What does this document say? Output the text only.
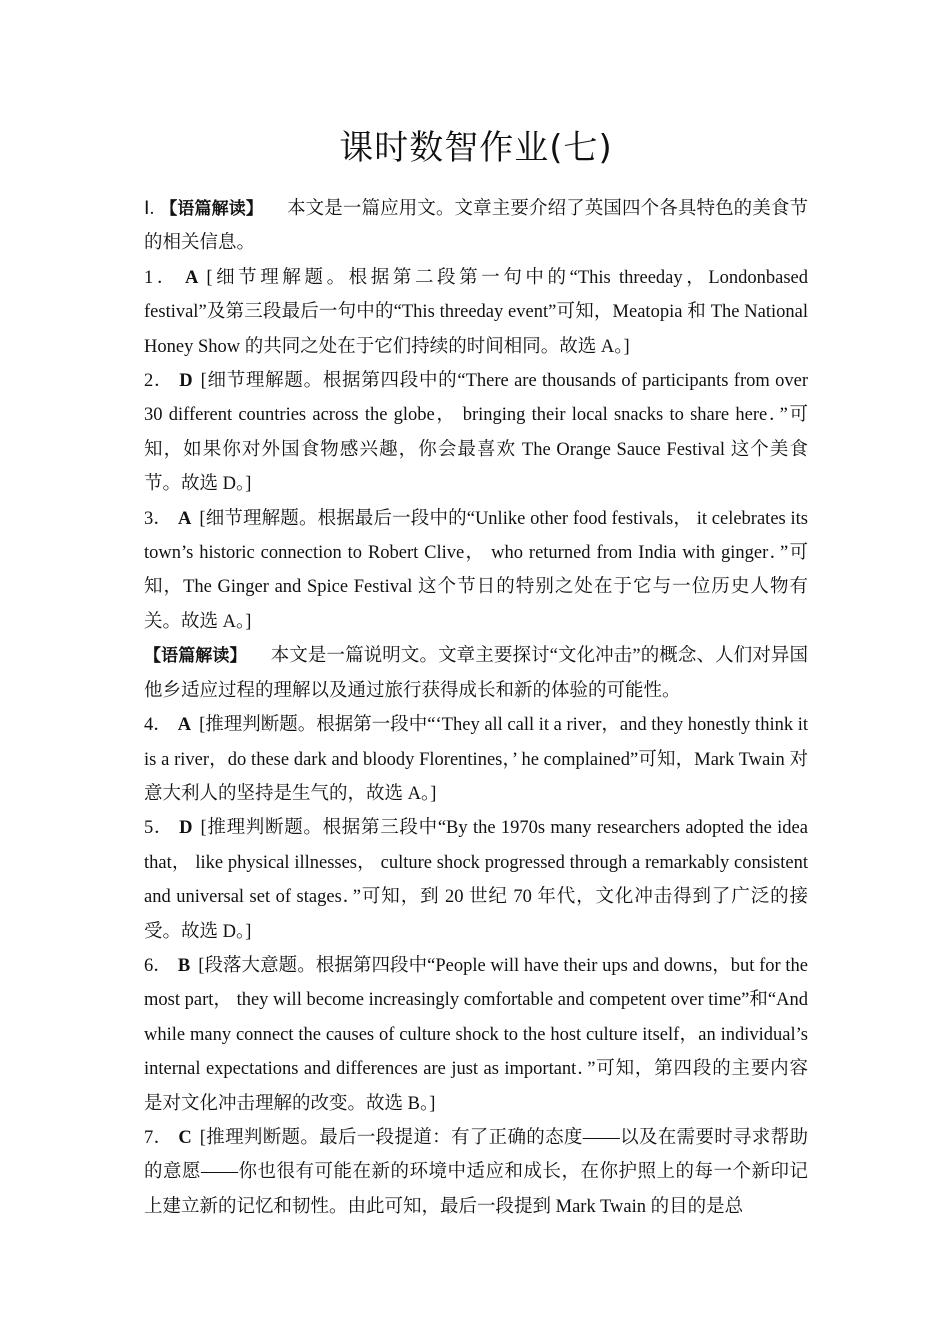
课时数智作业(七)

Ⅰ. 【语篇解读】 本文是一篇应用文。文章主要介绍了英国四个各具特色的美食节的相关信息。

1． A [细节理解题。根据第二段第一句中的“This threeday，Londonbased festival”及第三段最后一句中的“This threeday event”可知，Meatopia 和 The National Honey Show 的共同之处在于它们持续的时间相同。故选 A。]

2． D [细节理解题。根据第四段中的“There are thousands of participants from over 30 different countries across the globe， bringing their local snacks to share here．”可知，如果你对外国食物感兴趣，你会最喜欢 The Orange Sauce Festival 这个美食节。故选 D。]

3． A [细节理解题。根据最后一段中的“Unlike other food festivals， it celebrates its town’s historic connection to Robert Clive， who returned from India with ginger．”可知，The Ginger and Spice Festival 这个节日的特别之处在于它与一位历史人物有关。故选 A。]

【语篇解读】 本文是一篇说明文。文章主要探讨“文化冲击”的概念、人们对异国他乡适应过程的理解以及通过旅行获得成长和新的体验的可能性。

4． A [推理判断题。根据第一段中“‘They all call it a river，and they honestly think it is a river，do these dark and bloody Florentines，’ he complained”可知，Mark Twain 对意大利人的坚持是生气的，故选 A。]

5． D [推理判断题。根据第三段中“By the 1970s many researchers adopted the idea that， like physical illnesses， culture shock progressed through a remarkably consistent and universal set of stages．”可知，到 20 世纪 70 年代，文化冲击得到了广泛的接受。故选 D。]

6． B [段落大意题。根据第四段中“People will have their ups and downs，but for the most part， they will become increasingly comfortable and competent over time”和“And while many connect the causes of culture shock to the host culture itself，an individual’s internal expectations and differences are just as important．”可知，第四段的主要内容是对文化冲击理解的改变。故选 B。]

7． C [推理判断题。最后一段提道：有了正确的态度——以及在需要时寻求帮助的意愿——你也很有可能在新的环境中适应和成长，在你护照上的每一个新印记上建立新的记忆和韧性。由此可知，最后一段提到 Mark Twain 的目的是总
